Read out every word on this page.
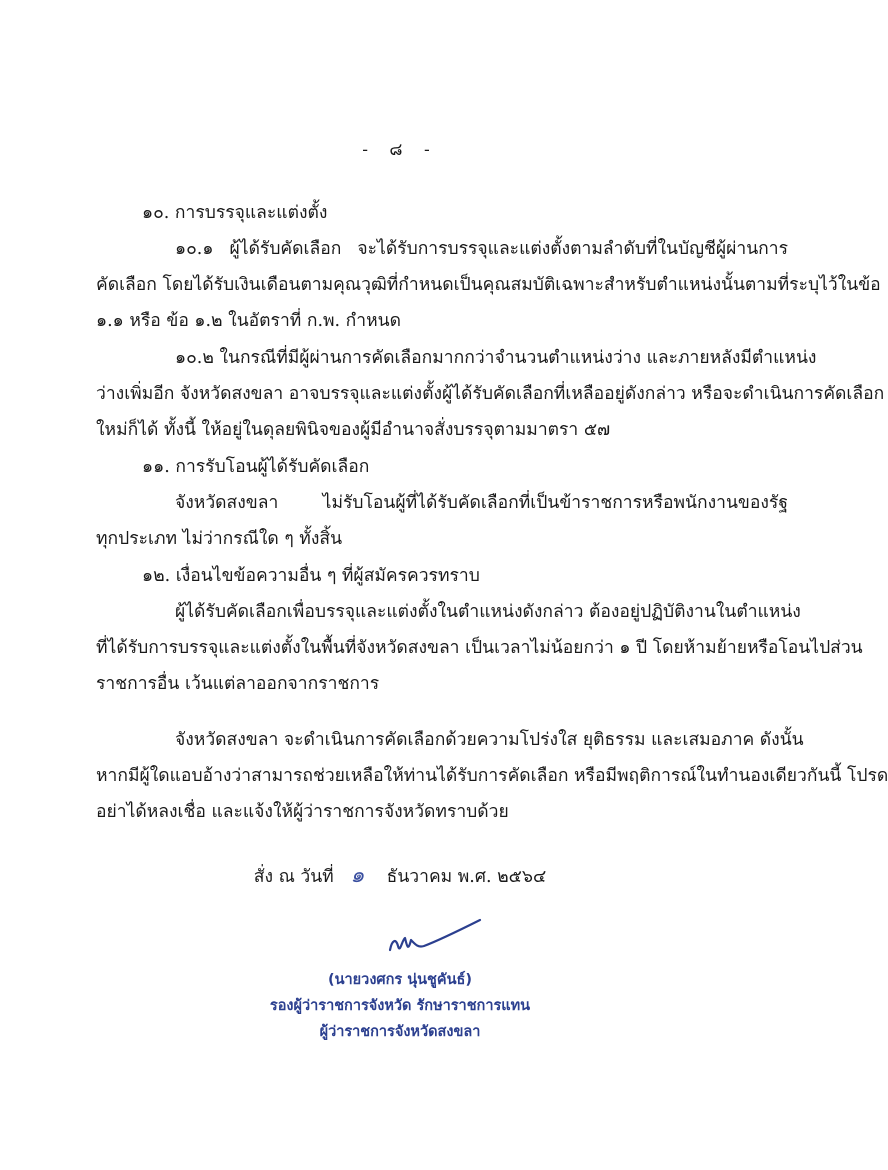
- ๘ -
๑๐. การบรรจุและแต่งตั้ง
๑๐.๑ ผู้ได้รับคัดเลือก จะได้รับการบรรจุและแต่งตั้งตามลำดับที่ในบัญชีผู้ผ่านการ
คัดเลือก โดยได้รับเงินเดือนตามคุณวุฒิที่กำหนดเป็นคุณสมบัติเฉพาะสำหรับตำแหน่งนั้นตามที่ระบุไว้ในข้อ
๑.๑ หรือ ข้อ ๑.๒ ในอัตราที่ ก.พ. กำหนด
๑๐.๒ ในกรณีที่มีผู้ผ่านการคัดเลือกมากกว่าจำนวนตำแหน่งว่าง และภายหลังมีตำแหน่ง
ว่างเพิ่มอีก จังหวัดสงขลา อาจบรรจุและแต่งตั้งผู้ได้รับคัดเลือกที่เหลืออยู่ดังกล่าว หรือจะดำเนินการคัดเลือก
ใหม่ก็ได้ ทั้งนี้ ให้อยู่ในดุลยพินิจของผู้มีอำนาจสั่งบรรจุตามมาตรา ๕๗
๑๑. การรับโอนผู้ได้รับคัดเลือก
จังหวัดสงขลา ไม่รับโอนผู้ที่ได้รับคัดเลือกที่เป็นข้าราชการหรือพนักงานของรัฐ
ทุกประเภท ไม่ว่ากรณีใด ๆ ทั้งสิ้น
๑๒. เงื่อนไขข้อความอื่น ๆ ที่ผู้สมัครควรทราบ
ผู้ได้รับคัดเลือกเพื่อบรรจุและแต่งตั้งในตำแหน่งดังกล่าว ต้องอยู่ปฏิบัติงานในตำแหน่ง
ที่ได้รับการบรรจุและแต่งตั้งในพื้นที่จังหวัดสงขลา เป็นเวลาไม่น้อยกว่า ๑ ปี โดยห้ามย้ายหรือโอนไปส่วน
ราชการอื่น เว้นแต่ลาออกจากราชการ
จังหวัดสงขลา จะดำเนินการคัดเลือกด้วยความโปร่งใส ยุติธรรม และเสมอภาค ดังนั้น
หากมีผู้ใดแอบอ้างว่าสามารถช่วยเหลือให้ท่านได้รับการคัดเลือก หรือมีพฤติการณ์ในทำนองเดียวกันนี้ โปรด
อย่าได้หลงเชื่อ และแจ้งให้ผู้ว่าราชการจังหวัดทราบด้วย
สั่ง ณ วันที่ ๑ ธันวาคม พ.ศ. ๒๕๖๔
(นายวงศกร นุ่นชูคันธ์)
รองผู้ว่าราชการจังหวัด รักษาราชการแทน
ผู้ว่าราชการจังหวัดสงขลา
